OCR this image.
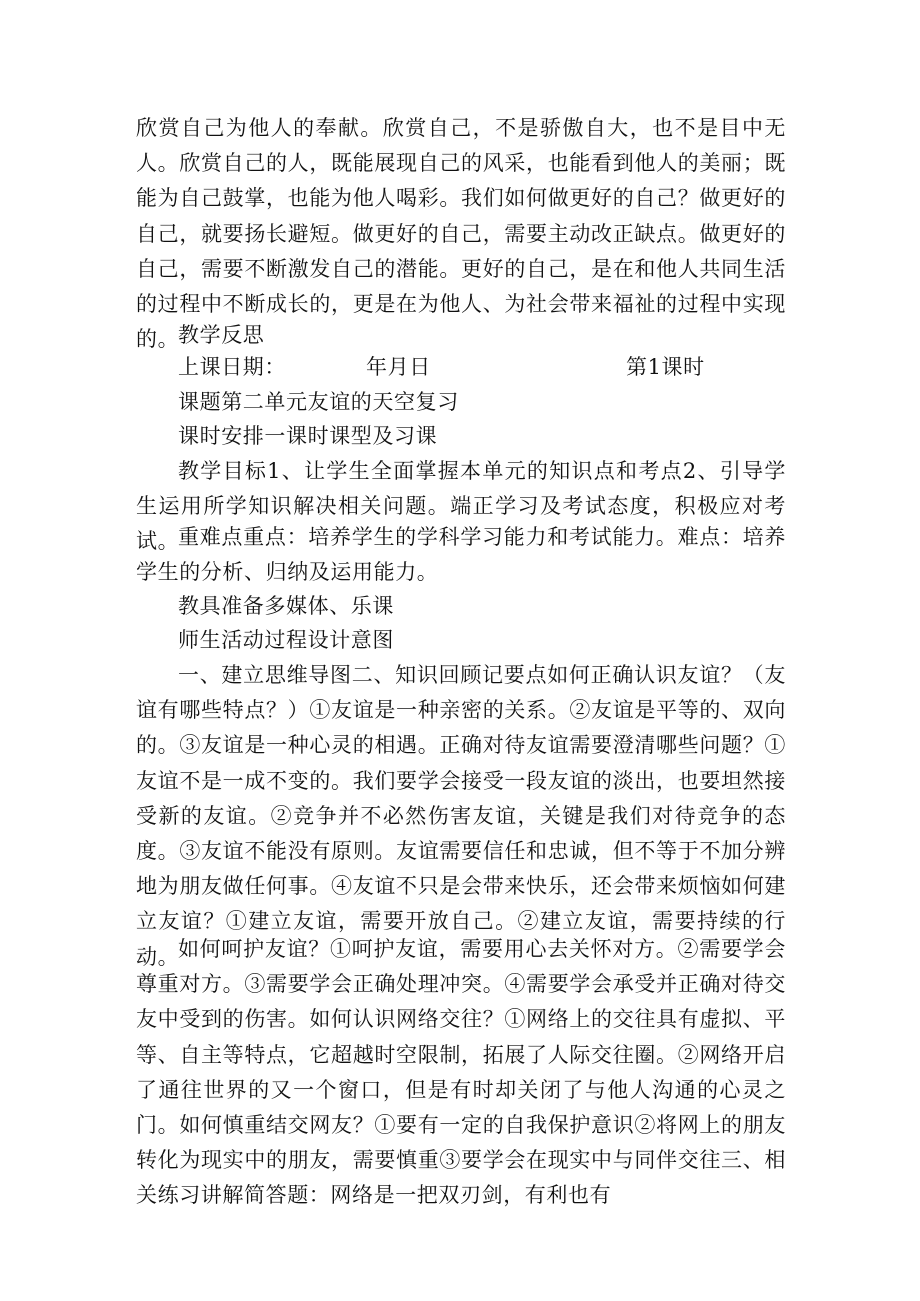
欣赏自己为他人的奉献。欣赏自己，不是骄傲自大，也不是目中无人。欣赏自己的人，既能展现自己的风采，也能看到他人的美丽；既能为自己鼓掌，也能为他人喝彩。我们如何做更好的自己？做更好的自己，就要扬长避短。做更好的自己，需要主动改正缺点。做更好的自己，需要不断激发自己的潜能。更好的自己，是在和他人共同生活的过程中不断成长的，更是在为他人、为社会带来福祉的过程中实现的。

教学反思

上课日期：	年月日	第1课时

课题第二单元友谊的天空复习

课时安排一课时课型及习课

教学目标1、让学生全面掌握本单元的知识点和考点2、引导学生运用所学知识解决相关问题。端正学习及考试态度，积极应对考试。

重难点重点：培养学生的学科学习能力和考试能力。难点：培养学生的分析、归纳及运用能力。

教具准备多媒体、乐课

师生活动过程设计意图

一、建立思维导图二、知识回顾记要点如何正确认识友谊？（友谊有哪些特点？）①友谊是一种亲密的关系。②友谊是平等的、双向的。③友谊是一种心灵的相遇。正确对待友谊需要澄清哪些问题？①友谊不是一成不变的。我们要学会接受一段友谊的淡出，也要坦然接受新的友谊。②竞争并不必然伤害友谊，关键是我们对待竞争的态度。③友谊不能没有原则。友谊需要信任和忠诚，但不等于不加分辨地为朋友做任何事。④友谊不只是会带来快乐，还会带来烦恼如何建立友谊？①建立友谊，需要开放自己。②建立友谊，需要持续的行动。

如何呵护友谊？①呵护友谊，需要用心去关怀对方。②需要学会尊重对方。③需要学会正确处理冲突。④需要学会承受并正确对待交友中受到的伤害。如何认识网络交往？①网络上的交往具有虚拟、平等、自主等特点，它超越时空限制，拓展了人际交往圈。②网络开启了通往世界的又一个窗口，但是有时却关闭了与他人沟通的心灵之门。如何慎重结交网友？①要有一定的自我保护意识②将网上的朋友转化为现实中的朋友，需要慎重③要学会在现实中与同伴交往三、相关练习讲解简答题：网络是一把双刃剑，有利也有
